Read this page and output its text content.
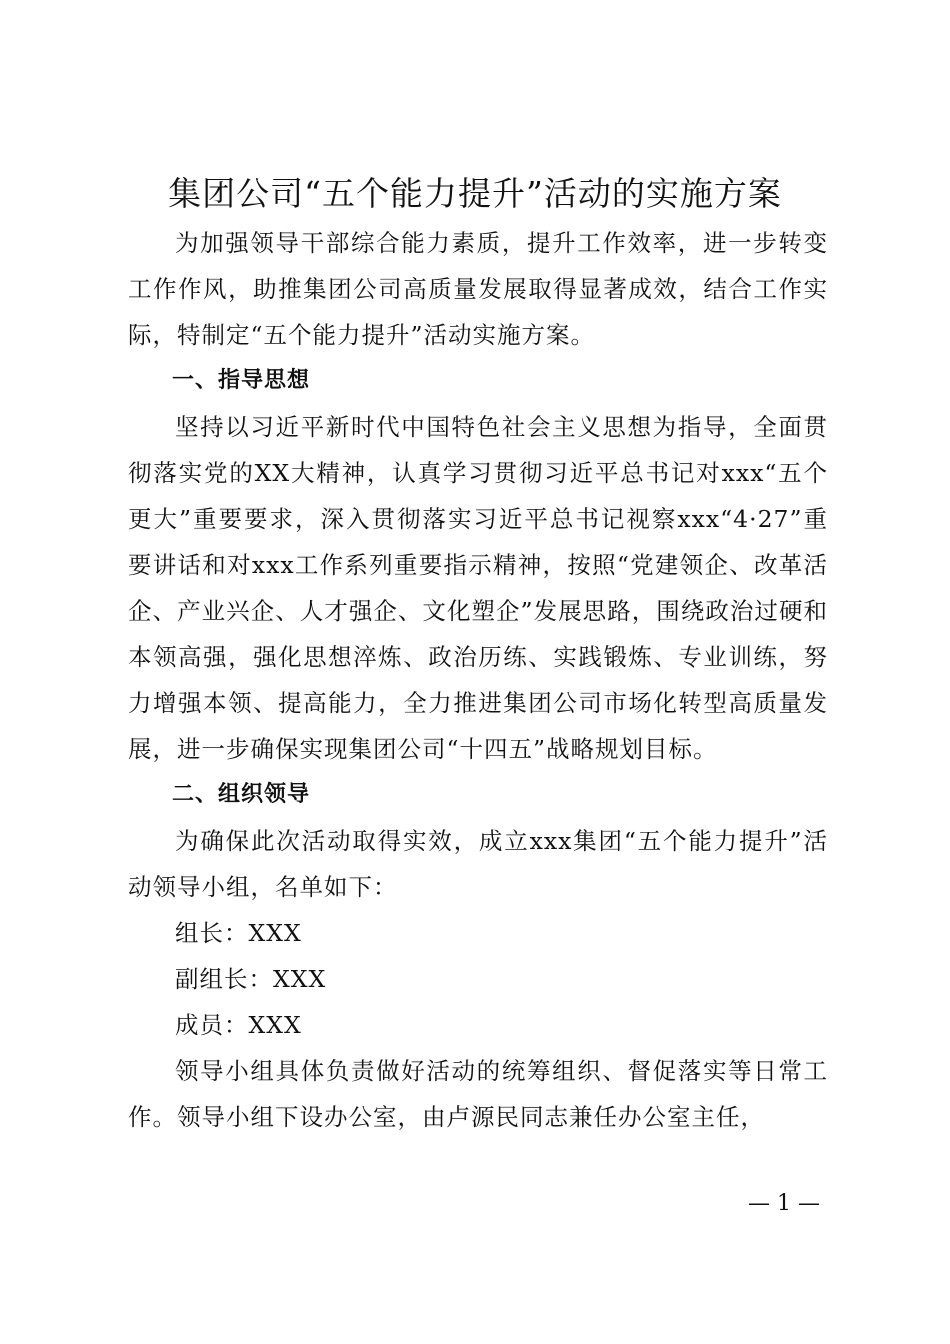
集团公司“五个能力提升”活动的实施方案

为加强领导干部综合能力素质，提升工作效率，进一步转变工作作风，助推集团公司高质量发展取得显著成效，结合工作实际，特制定“五个能力提升”活动实施方案。

一、指导思想

坚持以习近平新时代中国特色社会主义思想为指导，全面贯彻落实党的XX大精神，认真学习贯彻习近平总书记对xxx“五个更大”重要要求，深入贯彻落实习近平总书记视察xxx“4·27”重要讲话和对xxx工作系列重要指示精神，按照“党建领企、改革活企、产业兴企、人才强企、文化塑企”发展思路，围绕政治过硬和本领高强，强化思想淬炼、政治历练、实践锻炼、专业训练，努力增强本领、提高能力，全力推进集团公司市场化转型高质量发展，进一步确保实现集团公司“十四五”战略规划目标。

二、组织领导

为确保此次活动取得实效，成立xxx集团“五个能力提升”活动领导小组，名单如下：

组长：XXX

副组长：XXX

成员：XXX

领导小组具体负责做好活动的统筹组织、督促落实等日常工作。领导小组下设办公室，由卢源民同志兼任办公室主任，

— 1 —
